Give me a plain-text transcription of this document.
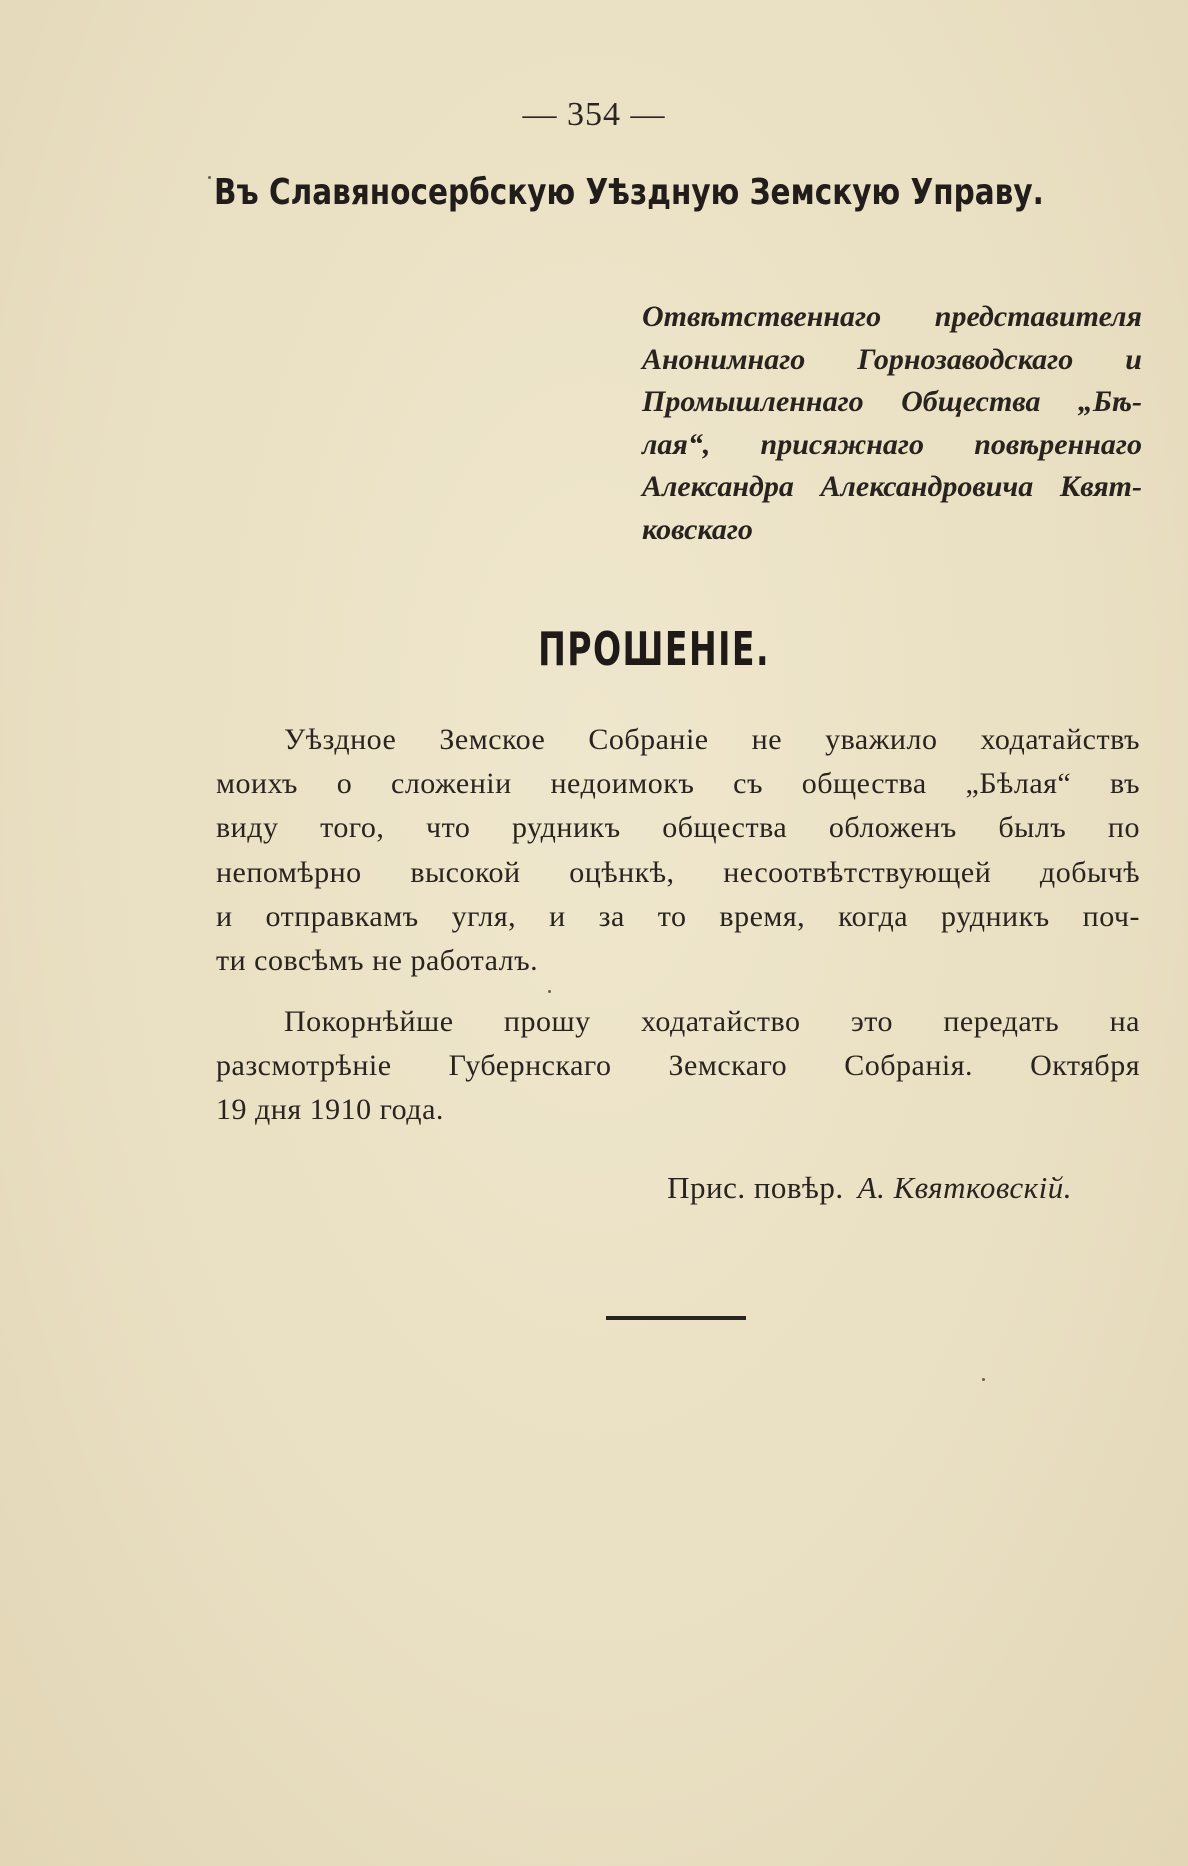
— 354 —
Въ Славяносербскую Уѣздную Земскую Управу.
Отвѣтственнаго представителя
Анонимнаго Горнозаводскаго и
Промышленнаго Общества „Бѣ-
лая“, присяжнаго повѣреннаго
Александра Александровича Квят-
ковскаго
ПРОШЕНІЕ.
Уѣздное Земское Собраніе не уважило ходатайствъ
моихъ о сложеніи недоимокъ съ общества „Бѣлая“ въ
виду того, что рудникъ общества обложенъ былъ по
непомѣрно высокой оцѣнкѣ, несоотвѣтствующей добычѣ
и отправкамъ угля, и за то время, когда рудникъ поч-
ти совсѣмъ не работалъ.
Покорнѣйше прошу ходатайство это передать на
разсмотрѣніе Губернскаго Земскаго Собранія. Октября
19 дня 1910 года.
Прис. повѣр. А. Квятковскій.
